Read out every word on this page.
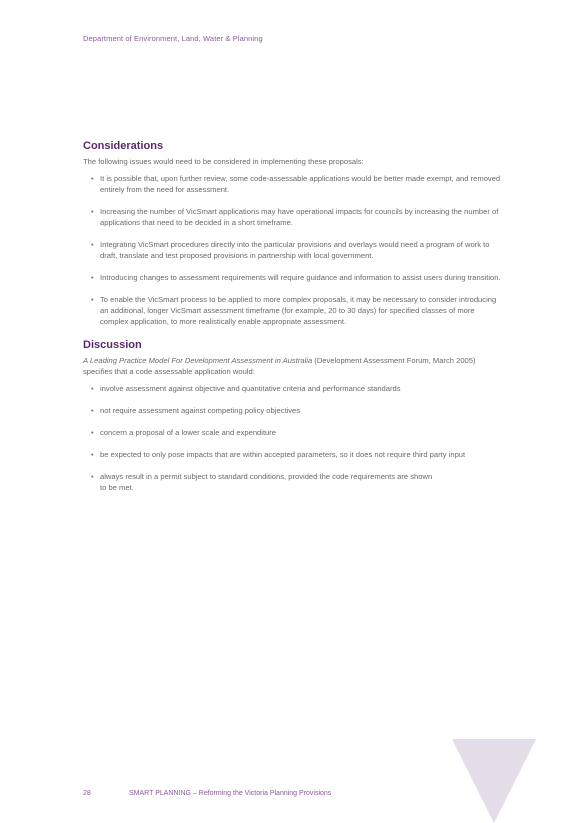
Department of Environment, Land, Water & Planning
Considerations
The following issues would need to be considered in implementing these proposals:
• It is possible that, upon further review, some code-assessable applications would be better made exempt, and removed entirely from the need for assessment.
• Increasing the number of VicSmart applications may have operational impacts for councils by increasing the number of applications that need to be decided in a short timeframe.
• Integrating VicSmart procedures directly into the particular provisions and overlays would need a program of work to draft, translate and test proposed provisions in partnership with local government.
• Introducing changes to assessment requirements will require guidance and information to assist users during transition.
• To enable the VicSmart process to be applied to more complex proposals, it may be necessary to consider introducing an additional, longer VicSmart assessment timeframe (for example, 20 to 30 days) for specified classes of more complex application, to more realistically enable appropriate assessment.
Discussion
A Leading Practice Model For Development Assessment in Australia (Development Assessment Forum, March 2005) specifies that a code assessable application would:
• involve assessment against objective and quantitative criteria and performance standards
• not require assessment against competing policy objectives
• concern a proposal of a lower scale and expenditure
• be expected to only pose impacts that are within accepted parameters, so it does not require third party input
• always result in a permit subject to standard conditions, provided the code requirements are shown
to be met.
28	SMART PLANNING – Reforming the Victoria Planning Provisions
